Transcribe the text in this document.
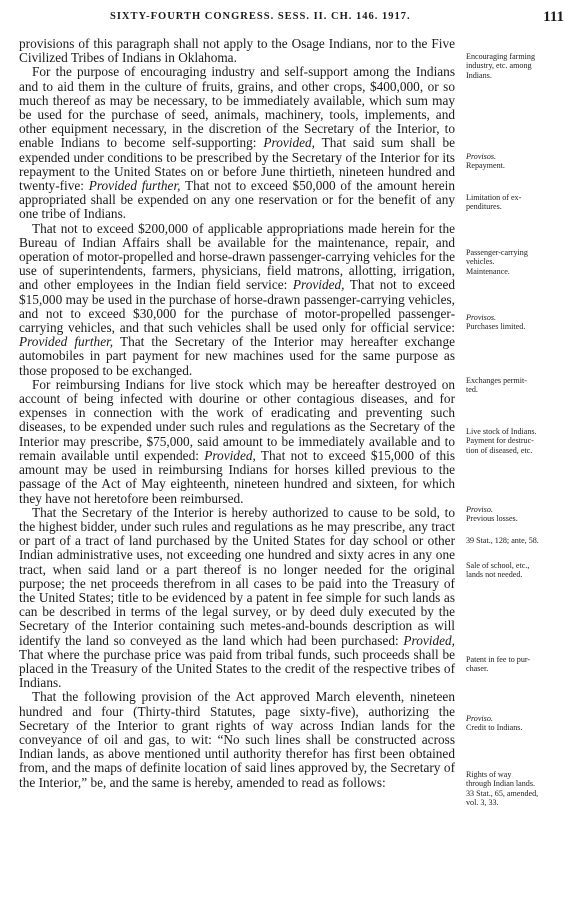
SIXTY-FOURTH CONGRESS. SESS. II. CH. 146. 1917.	111

provisions of this paragraph shall not apply to the Osage Indians, nor to the Five Civilized Tribes of Indians in Oklahoma.

For the purpose of encouraging industry and self-support among the Indians and to aid them in the culture of fruits, grains, and other crops, $400,000, or so much thereof as may be necessary, to be immediately available, which sum may be used for the purchase of seed, animals, machinery, tools, implements, and other equipment necessary, in the discretion of the Secretary of the Interior, to enable Indians to become self-supporting: Provided, That said sum shall be expended under conditions to be prescribed by the Secretary of the Interior for its repayment to the United States on or before June thirtieth, nineteen hundred and twenty-five: Provided further, That not to exceed $50,000 of the amount herein appropriated shall be expended on any one reservation or for the benefit of any one tribe of Indians.

That not to exceed $200,000 of applicable appropriations made herein for the Bureau of Indian Affairs shall be available for the maintenance, repair, and operation of motor-propelled and horse-drawn passenger-carrying vehicles for the use of superintendents, farmers, physicians, field matrons, allotting, irrigation, and other employees in the Indian field service: Provided, That not to exceed $15,000 may be used in the purchase of horse-drawn passenger-carrying vehicles, and not to exceed $30,000 for the purchase of motor-propelled passenger-carrying vehicles, and that such vehicles shall be used only for official service: Provided further, That the Secretary of the Interior may hereafter exchange automobiles in part payment for new machines used for the same purpose as those proposed to be exchanged.

For reimbursing Indians for live stock which may be hereafter destroyed on account of being infected with dourine or other contagious diseases, and for expenses in connection with the work of eradicating and preventing such diseases, to be expended under such rules and regulations as the Secretary of the Interior may prescribe, $75,000, said amount to be immediately available and to remain available until expended: Provided, That not to exceed $15,000 of this amount may be used in reimbursing Indians for horses killed previous to the passage of the Act of May eighteenth, nineteen hundred and sixteen, for which they have not heretofore been reimbursed.

That the Secretary of the Interior is hereby authorized to cause to be sold, to the highest bidder, under such rules and regulations as he may prescribe, any tract or part of a tract of land purchased by the United States for day school or other Indian administrative uses, not exceeding one hundred and sixty acres in any one tract, when said land or a part thereof is no longer needed for the original purpose; the net proceeds therefrom in all cases to be paid into the Treasury of the United States; title to be evidenced by a patent in fee simple for such lands as can be described in terms of the legal survey, or by deed duly executed by the Secretary of the Interior containing such metes-and-bounds description as will identify the land so conveyed as the land which had been purchased: Provided, That where the purchase price was paid from tribal funds, such proceeds shall be placed in the Treasury of the United States to the credit of the respective tribes of Indians.

That the following provision of the Act approved March eleventh, nineteen hundred and four (Thirty-third Statutes, page sixty-five), authorizing the Secretary of the Interior to grant rights of way across Indian lands for the conveyance of oil and gas, to wit: “No such lines shall be constructed across Indian lands, as above mentioned until authority therefor has first been obtained from, and the maps of definite location of said lines approved by, the Secretary of the Interior,” be, and the same is hereby, amended to read as follows:

Encouraging farming
industry, etc. among
Indians.
Provisos.
Repayment.
Limitation of ex-
penditures.
Passenger-carrying
vehicles.
Maintenance.
Provisos.
Purchases limited.
Exchanges permit-
ted.
Live stock of Indians.
Payment for destruc-
tion of diseased, etc.
Proviso.
Previous losses.
39 Stat., 128; ante, 58.
Sale of school, etc.,
lands not needed.
Patent in fee to pur-
chaser.
Proviso.
Credit to Indians.
Rights of way
through Indian lands.
33 Stat., 65, amended,
vol. 3, 33.
